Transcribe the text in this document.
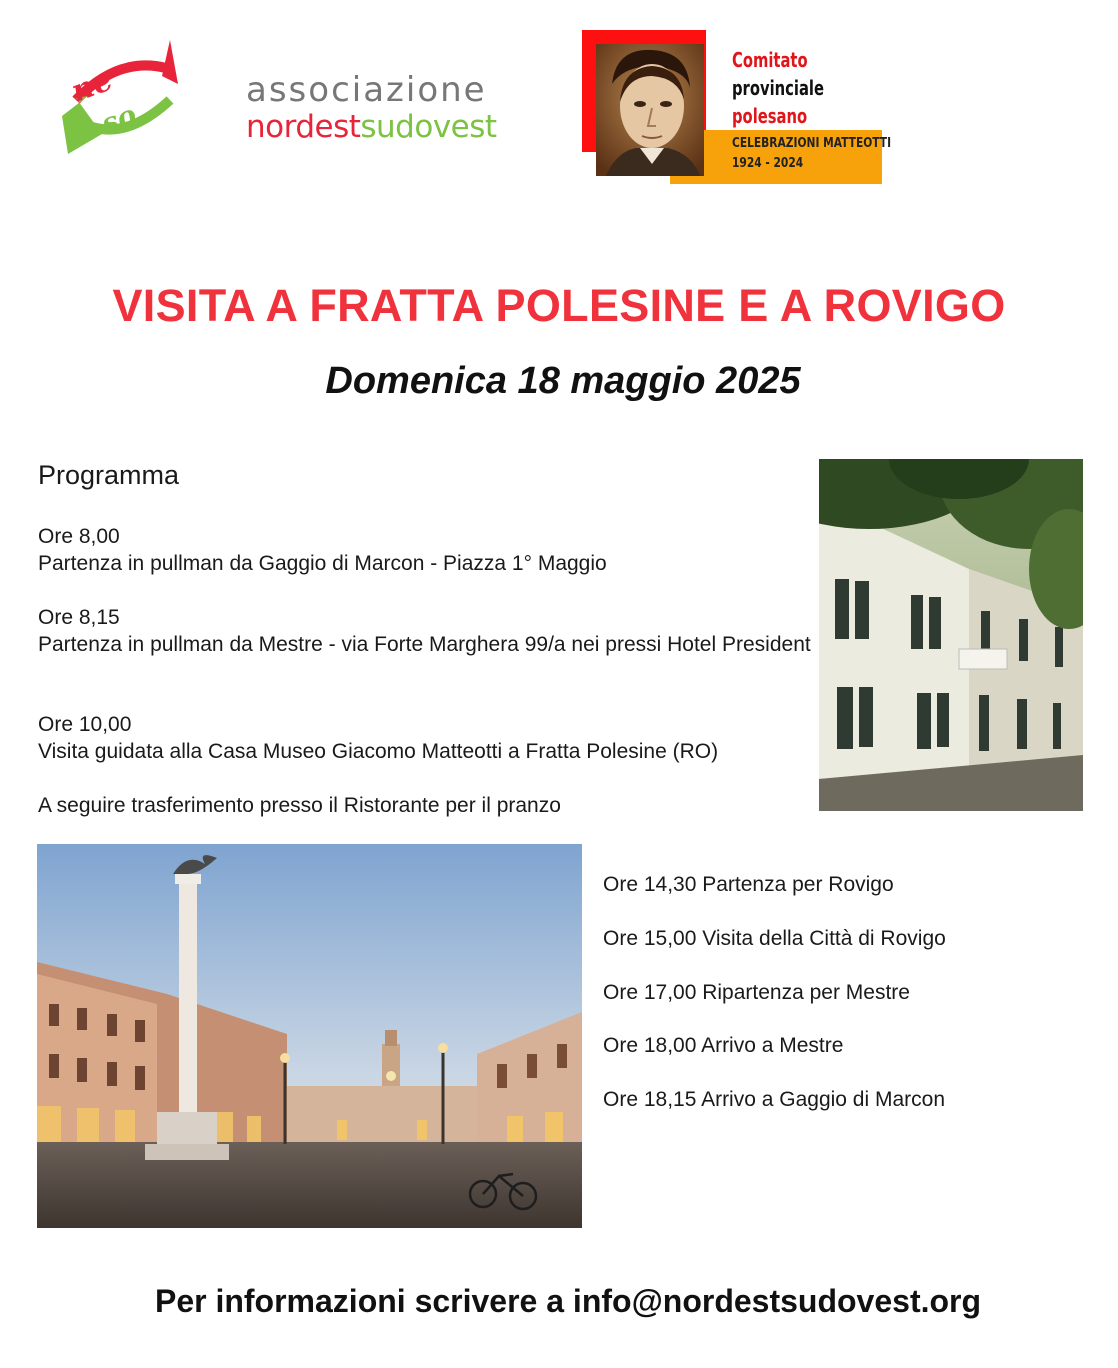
ne
so
associazione
nordestsudovest
Comitato
provinciale
polesano
CELEBRAZIONI MATTEOTTI
1924 - 2024
VISITA A FRATTA POLESINE E A ROVIGO
Domenica 18 maggio 2025
Programma
Ore 8,00
Partenza in pullman da Gaggio di Marcon - Piazza 1° Maggio
Ore 8,15
Partenza in pullman da Mestre - via Forte Marghera 99/a nei pressi Hotel President
Ore 10,00
Visita guidata alla Casa Museo Giacomo Matteotti a Fratta Polesine (RO)
A seguire trasferimento presso il Ristorante per il pranzo
Ore 14,30 Partenza per Rovigo
Ore 15,00 Visita della Città di Rovigo
Ore 17,00 Ripartenza per Mestre
Ore 18,00 Arrivo a Mestre
Ore 18,15 Arrivo a Gaggio di Marcon
Per informazioni scrivere a info@nordestsudovest.org
